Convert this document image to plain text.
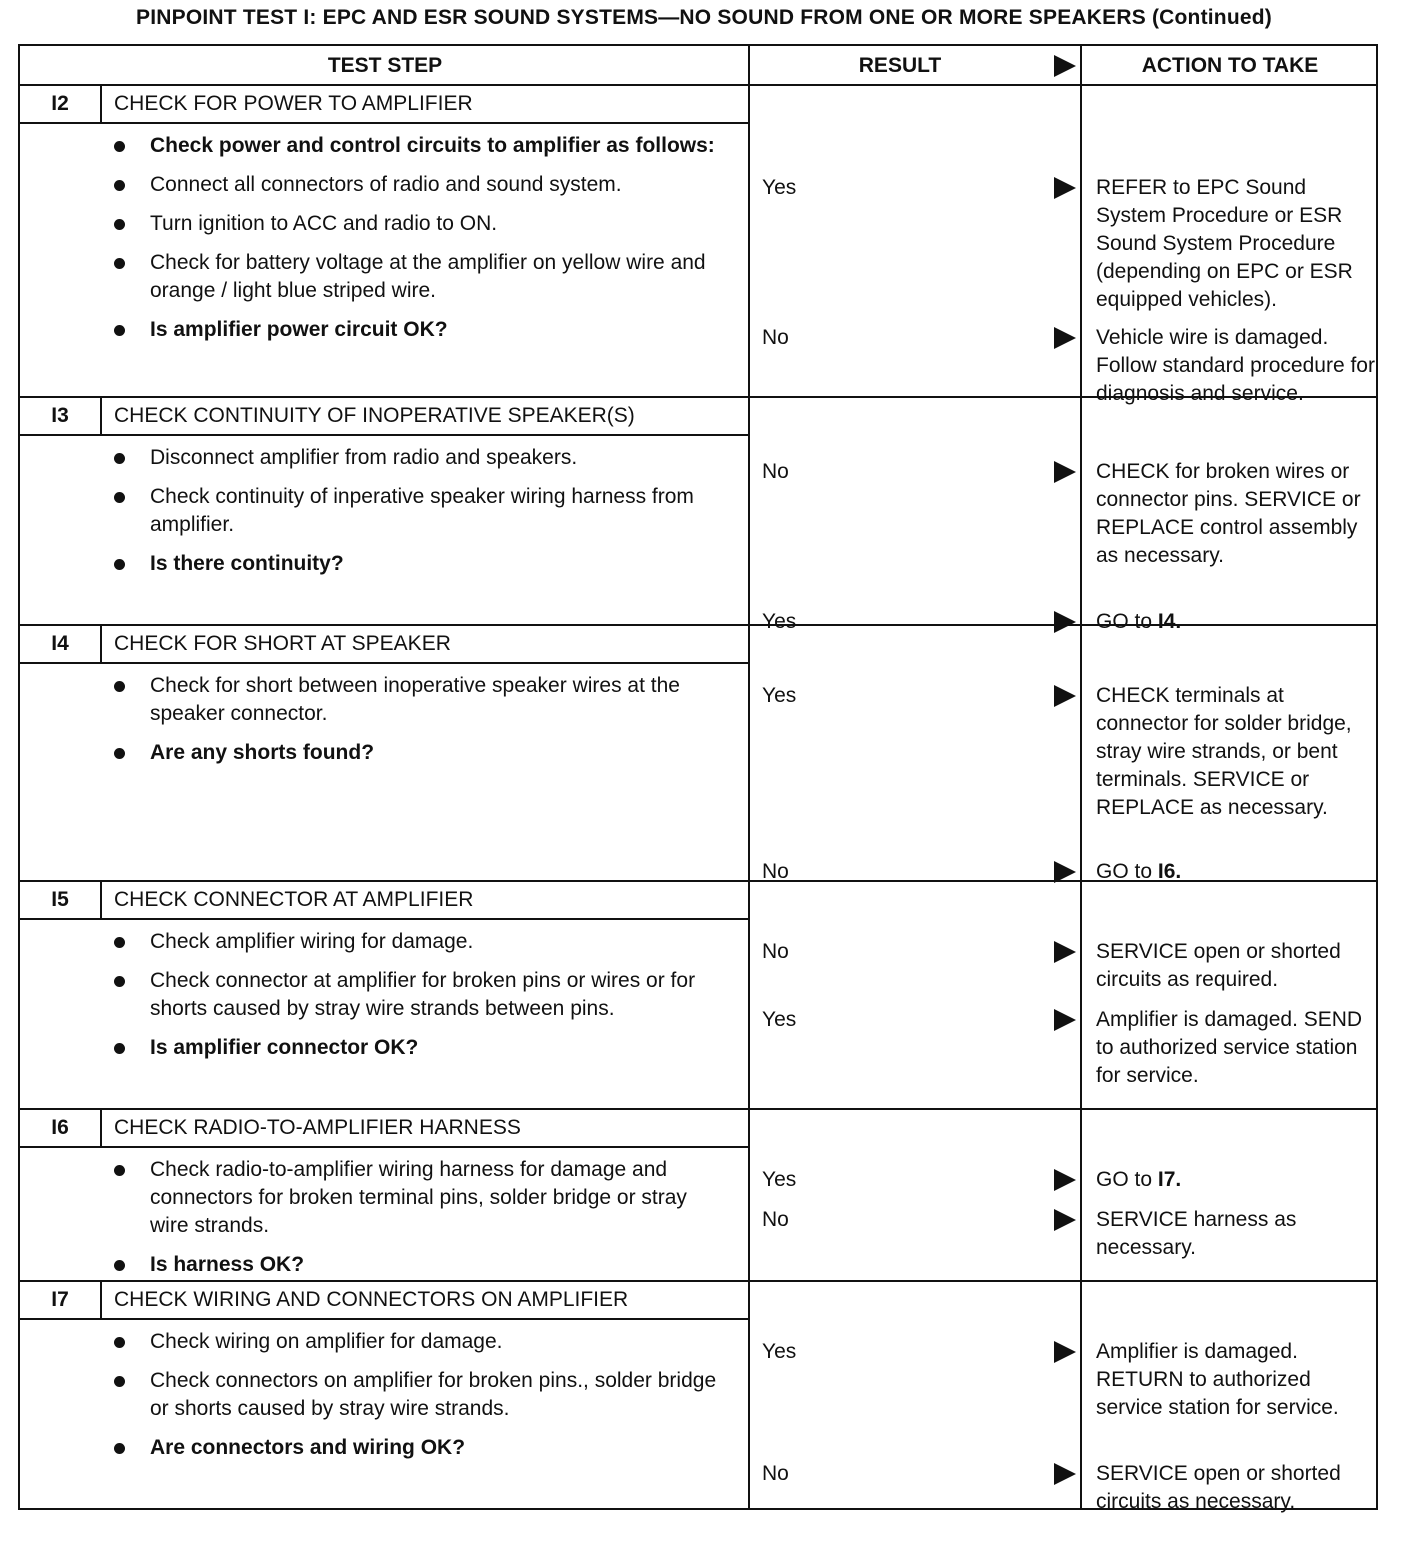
PINPOINT TEST I: EPC AND ESR SOUND SYSTEMS—NO SOUND FROM ONE OR MORE SPEAKERS (Continued)
TEST STEP	RESULT	ACTION TO TAKE
I2	CHECK FOR POWER TO AMPLIFIER
Check power and control circuits to amplifier as follows:
Connect all connectors of radio and sound system.
Turn ignition to ACC and radio to ON.
Check for battery voltage at the amplifier on yellow wire and orange / light blue striped wire.
Is amplifier power circuit OK?
Yes	REFER to EPC Sound System Procedure or ESR Sound System Procedure (depending on EPC or ESR equipped vehicles).
No	Vehicle wire is damaged. Follow standard procedure for diagnosis and service.
I3	CHECK CONTINUITY OF INOPERATIVE SPEAKER(S)
Disconnect amplifier from radio and speakers.
Check continuity of inperative speaker wiring harness from amplifier.
Is there continuity?
No	CHECK for broken wires or connector pins. SERVICE or REPLACE control assembly as necessary.
Yes	GO to I4.
I4	CHECK FOR SHORT AT SPEAKER
Check for short between inoperative speaker wires at the speaker connector.
Are any shorts found?
Yes	CHECK terminals at connector for solder bridge, stray wire strands, or bent terminals. SERVICE or REPLACE as necessary.
No	GO to I6.
I5	CHECK CONNECTOR AT AMPLIFIER
Check amplifier wiring for damage.
Check connector at amplifier for broken pins or wires or for shorts caused by stray wire strands between pins.
Is amplifier connector OK?
No	SERVICE open or shorted circuits as required.
Yes	Amplifier is damaged. SEND to authorized service station for service.
I6	CHECK RADIO-TO-AMPLIFIER HARNESS
Check radio-to-amplifier wiring harness for damage and connectors for broken terminal pins, solder bridge or stray wire strands.
Is harness OK?
Yes	GO to I7.
No	SERVICE harness as necessary.
I7	CHECK WIRING AND CONNECTORS ON AMPLIFIER
Check wiring on amplifier for damage.
Check connectors on amplifier for broken pins., solder bridge or shorts caused by stray wire strands.
Are connectors and wiring OK?
Yes	Amplifier is damaged. RETURN to authorized service station for service.
No	SERVICE open or shorted circuits as necessary.
